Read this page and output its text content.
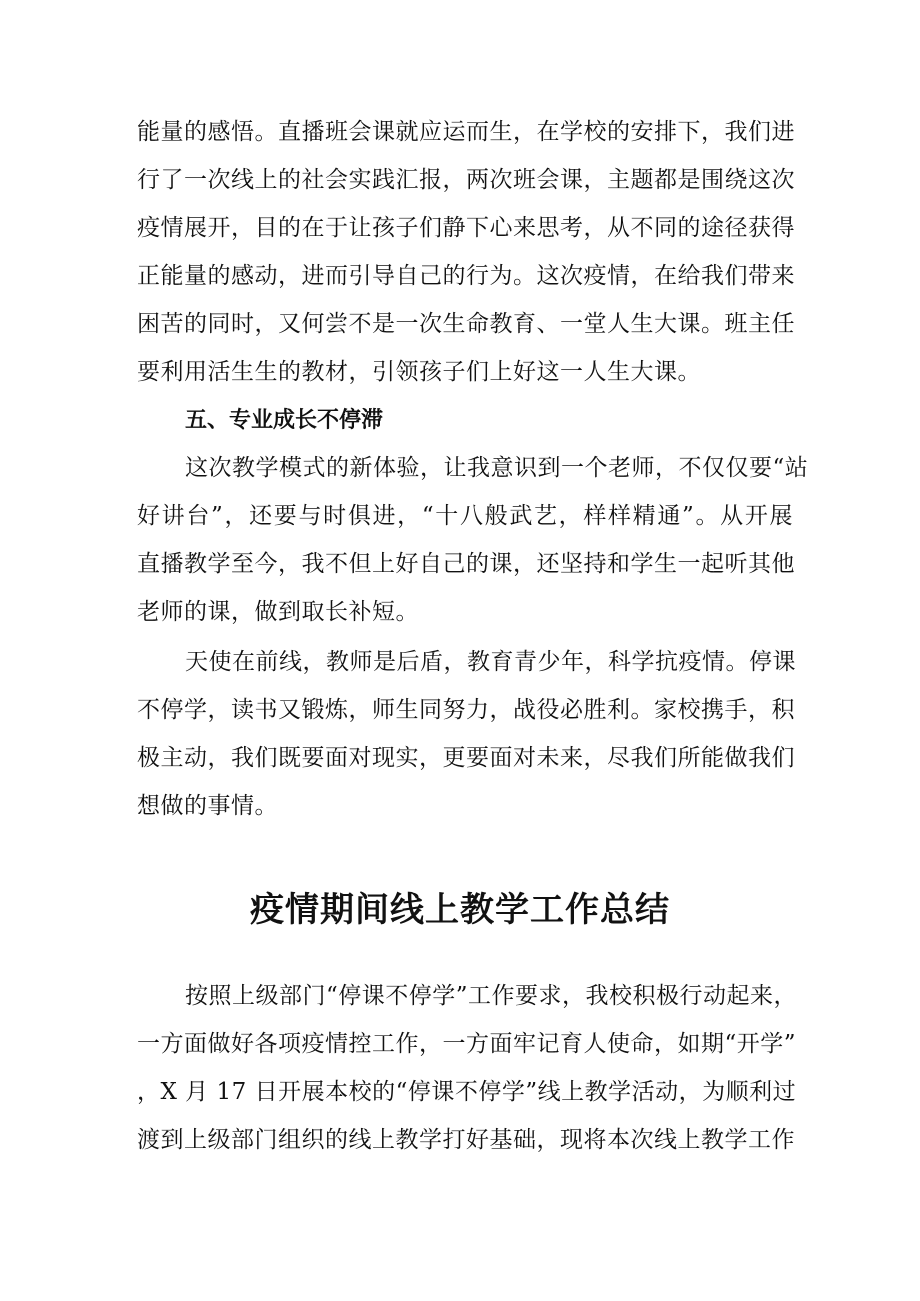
能量的感悟。直播班会课就应运而生，在学校的安排下，我们进
行了一次线上的社会实践汇报，两次班会课，主题都是围绕这次
疫情展开，目的在于让孩子们静下心来思考，从不同的途径获得
正能量的感动，进而引导自己的行为。这次疫情，在给我们带来
困苦的同时，又何尝不是一次生命教育、一堂人生大课。班主任
要利用活生生的教材，引领孩子们上好这一人生大课。
五、专业成长不停滞
这次教学模式的新体验，让我意识到一个老师，不仅仅要“站
好讲台”，还要与时俱进，“十八般武艺，样样精通”。从开展
直播教学至今，我不但上好自己的课，还坚持和学生一起听其他
老师的课，做到取长补短。
天使在前线，教师是后盾，教育青少年，科学抗疫情。停课
不停学，读书又锻炼，师生同努力，战役必胜利。家校携手，积
极主动，我们既要面对现实，更要面对未来，尽我们所能做我们
想做的事情。
疫情期间线上教学工作总结
按照上级部门“停课不停学”工作要求，我校积极行动起来，
一方面做好各项疫情控工作，一方面牢记育人使命，如期“开学”
，X 月 17 日开展本校的“停课不停学”线上教学活动，为顺利过
渡到上级部门组织的线上教学打好基础，现将本次线上教学工作
